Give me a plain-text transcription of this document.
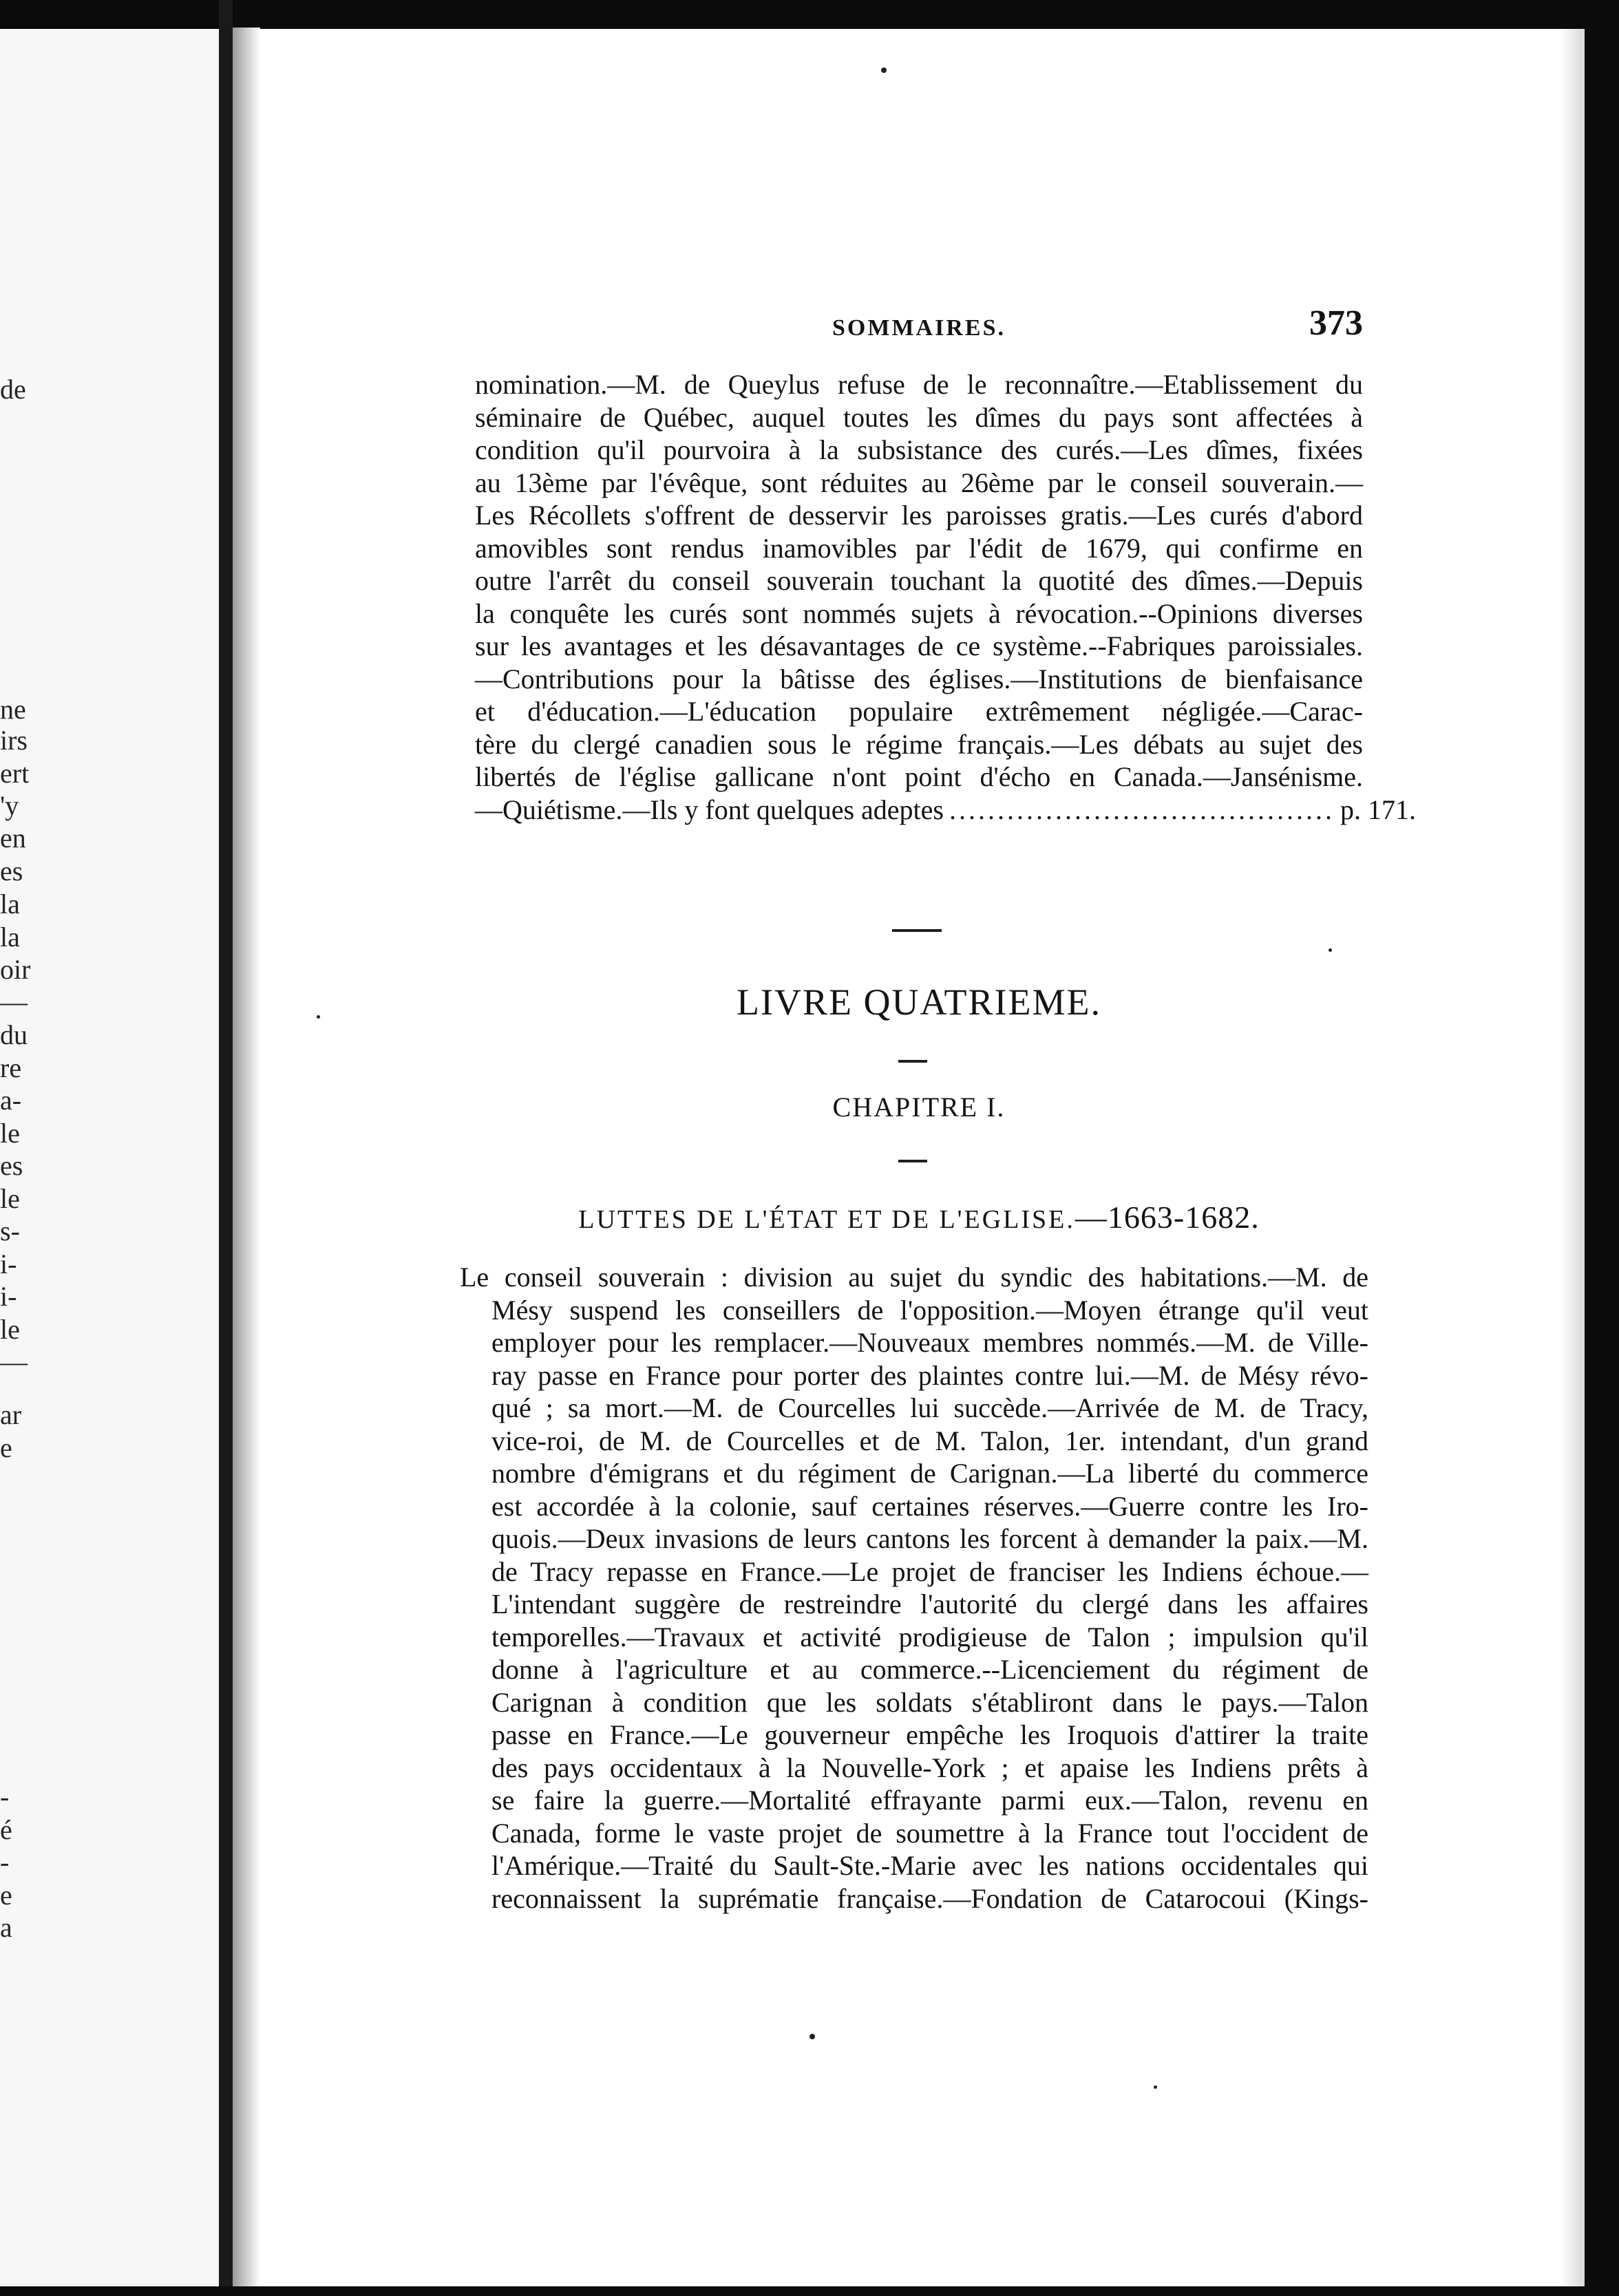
de
ne
irs
ert
'y
en
es
la
la
oir
—
du
re
a-
le
es
le
s-
i-
i-
le
—
ar
e
-
é
-
e
a
SOMMAIRES.	373
nomination.—M. de Queylus refuse de le reconnaître.—Etablissement du
séminaire de Québec, auquel toutes les dîmes du pays sont affectées à
condition qu'il pourvoira à la subsistance des curés.—Les dîmes, fixées
au 13ème par l'évêque, sont réduites au 26ème par le conseil souverain.—
Les Récollets s'offrent de desservir les paroisses gratis.—Les curés d'abord
amovibles sont rendus inamovibles par l'édit de 1679, qui confirme en
outre l'arrêt du conseil souverain touchant la quotité des dîmes.—Depuis
la conquête les curés sont nommés sujets à révocation.--Opinions diverses
sur les avantages et les désavantages de ce système.--Fabriques paroissiales.
—Contributions pour la bâtisse des églises.—Institutions de bienfaisance
et d'éducation.—L'éducation populaire extrêmement négligée.—Carac-
tère du clergé canadien sous le régime français.—Les débats au sujet des
libertés de l'église gallicane n'ont point d'écho en Canada.—Jansénisme.
—Quiétisme.—Ils y font quelques adeptes ........................................ p. 171.
LIVRE QUATRIEME.
CHAPITRE I.
LUTTES DE L'ÉTAT ET DE L'EGLISE.—1663-1682.
Le conseil souverain : division au sujet du syndic des habitations.—M. de
Mésy suspend les conseillers de l'opposition.—Moyen étrange qu'il veut
employer pour les remplacer.—Nouveaux membres nommés.—M. de Ville-
ray passe en France pour porter des plaintes contre lui.—M. de Mésy révo-
qué ; sa mort.—M. de Courcelles lui succède.—Arrivée de M. de Tracy,
vice-roi, de M. de Courcelles et de M. Talon, 1er. intendant, d'un grand
nombre d'émigrans et du régiment de Carignan.—La liberté du commerce
est accordée à la colonie, sauf certaines réserves.—Guerre contre les Iro-
quois.—Deux invasions de leurs cantons les forcent à demander la paix.—M.
de Tracy repasse en France.—Le projet de franciser les Indiens échoue.—
L'intendant suggère de restreindre l'autorité du clergé dans les affaires
temporelles.—Travaux et activité prodigieuse de Talon ; impulsion qu'il
donne à l'agriculture et au commerce.--Licenciement du régiment de
Carignan à condition que les soldats s'établiront dans le pays.—Talon
passe en France.—Le gouverneur empêche les Iroquois d'attirer la traite
des pays occidentaux à la Nouvelle-York ; et apaise les Indiens prêts à
se faire la guerre.—Mortalité effrayante parmi eux.—Talon, revenu en
Canada, forme le vaste projet de soumettre à la France tout l'occident de
l'Amérique.—Traité du Sault-Ste.-Marie avec les nations occidentales qui
reconnaissent la suprématie française.—Fondation de Catarocoui (Kings-
